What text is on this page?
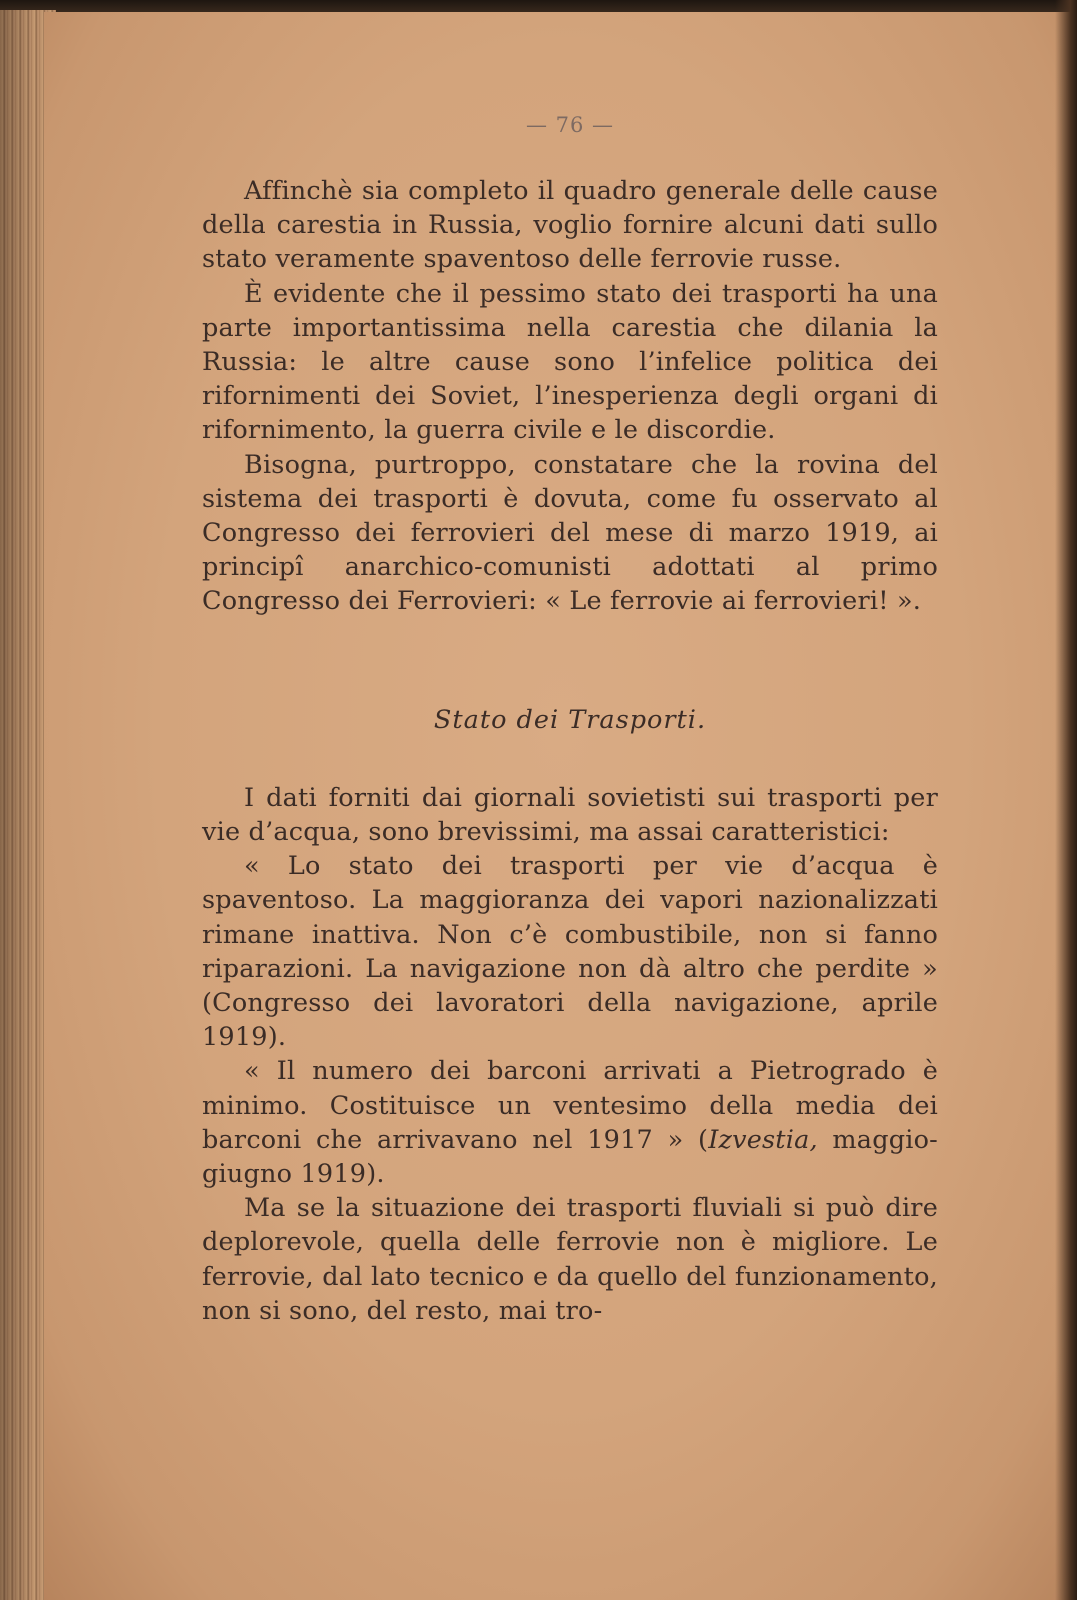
— 76 —

Affinchè sia completo il quadro generale delle cause della carestia in Russia, voglio fornire alcuni dati sullo stato veramente spaventoso delle ferrovie russe.

È evidente che il pessimo stato dei trasporti ha una parte importantissima nella carestia che dilania la Russia: le altre cause sono l’infelice politica dei rifornimenti dei Soviet, l’inesperienza degli organi di rifornimento, la guerra civile e le discordie.

Bisogna, purtroppo, constatare che la rovina del sistema dei trasporti è dovuta, come fu osservato al Congresso dei ferrovieri del mese di marzo 1919, ai principî anarchico-comunisti adottati al primo Congresso dei Ferrovieri: « Le ferrovie ai ferrovieri! ».

Stato dei Trasporti.

I dati forniti dai giornali sovietisti sui trasporti per vie d’acqua, sono brevissimi, ma assai caratteristici:

« Lo stato dei trasporti per vie d’acqua è spaventoso. La maggioranza dei vapori nazionalizzati rimane inattiva. Non c’è combustibile, non si fanno riparazioni. La navigazione non dà altro che perdite » (Congresso dei lavoratori della navigazione, aprile 1919).

« Il numero dei barconi arrivati a Pietrogrado è minimo. Costituisce un ventesimo della media dei barconi che arrivavano nel 1917 » (Izvestia, maggio-giugno 1919).

Ma se la situazione dei trasporti fluviali si può dire deplorevole, quella delle ferrovie non è migliore. Le ferrovie, dal lato tecnico e da quello del funzionamento, non si sono, del resto, mai tro-
